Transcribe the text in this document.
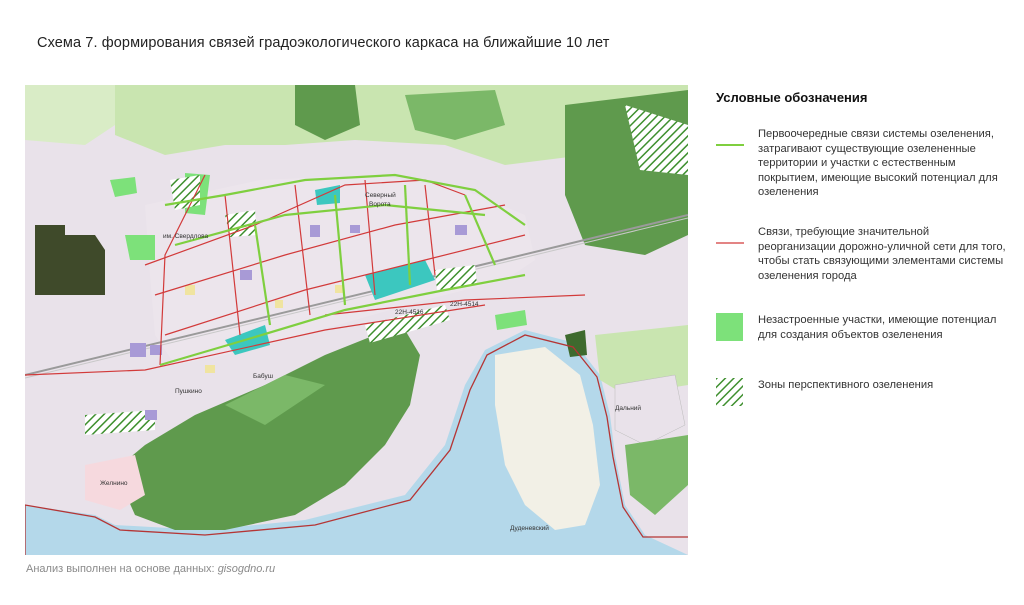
Схема 7. формирования связей градоэкологического каркаса на ближайшие 10 лет
Северный
Ворота
им. Свердлова
Пушкино
Бабуш
Желнино
Дальний
Дуденевский
22Н-4514
22Н-4516
Анализ выполнен на основе данных: gisogdno.ru
Условные обозначения
Первоочередные связи системы озеленения, затрагивают существующие озелененные территории и участки с естественным покрытием, имеющие высокий потенциал для озеленения
Связи, требующие значительной реорганизации дорожно-уличной сети для того, чтобы стать связующими элементами системы озеленения города
Незастроенные участки, имеющие потенциал для создания объектов озеленения
Зоны перспективного озеленения
